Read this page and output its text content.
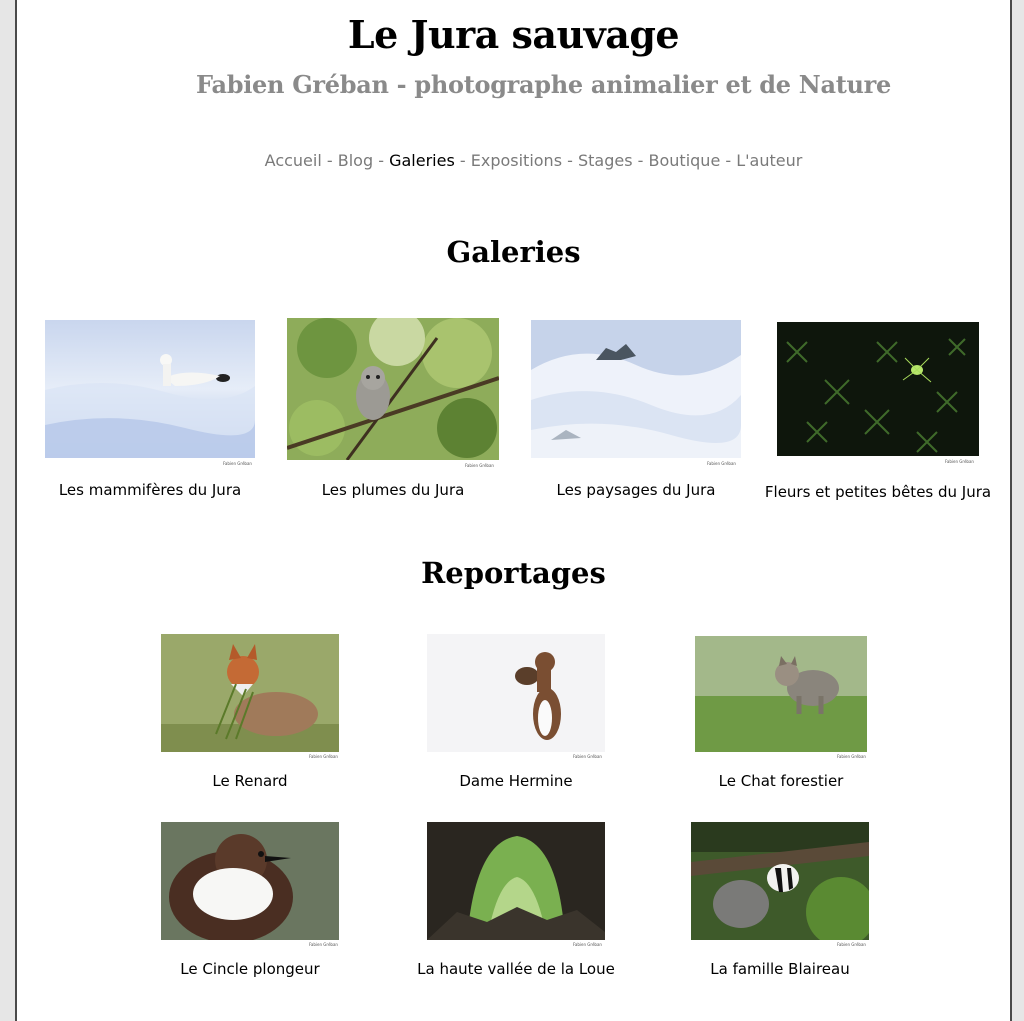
Le Jura sauvage
Fabien Gréban - photographe animalier et de Nature
Accueil - Blog - Galeries - Expositions - Stages - Boutique - L'auteur
Galeries
Fabien Gréban
Les mammifères du Jura
Fabien Gréban
Les plumes du Jura
Fabien Gréban
Les paysages du Jura
Fabien Gréban
Fleurs et petites bêtes du Jura
Reportages
Fabien Gréban
Le Renard
Fabien Gréban
Dame Hermine
Fabien Gréban
Le Chat forestier
Fabien Gréban
Le Cincle plongeur
Fabien Gréban
La haute vallée de la Loue
Fabien Gréban
La famille Blaireau
